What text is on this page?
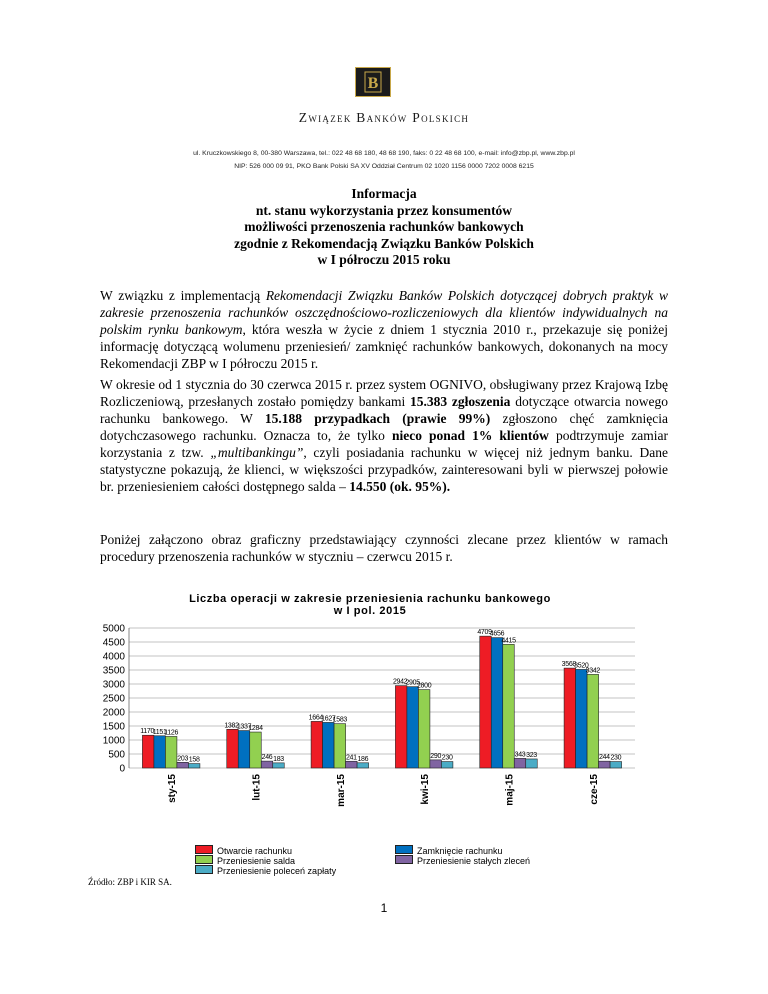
B
Związek Banków Polskich
ul. Kruczkowskiego 8, 00-380 Warszawa, tel.: 022 48 68 180, 48 68 190, faks: 0 22 48 68 100, e-mail: info@zbp.pl, www.zbp.pl
NIP: 526 000 09 91, PKO Bank Polski SA XV Oddział Centrum 02 1020 1156 0000 7202 0008 6215
Informacja
nt. stanu wykorzystania przez konsumentów
możliwości przenoszenia rachunków bankowych
zgodnie z Rekomendacją Związku Banków Polskich
w I półroczu 2015 roku
W związku z implementacją Rekomendacji Związku Banków Polskich dotyczącej dobrych praktyk w zakresie przenoszenia rachunków oszczędnościowo-rozliczeniowych dla klientów indywidualnych na polskim rynku bankowym, która weszła w życie z dniem 1 stycznia 2010 r., przekazuje się poniżej informację dotyczącą wolumenu przeniesień/ zamknięć rachunków bankowych, dokonanych na mocy Rekomendacji ZBP w I półroczu 2015 r.
W okresie od 1 stycznia do 30 czerwca 2015 r. przez system OGNIVO, obsługiwany przez Krajową Izbę Rozliczeniową, przesłanych zostało pomiędzy bankami 15.383 zgłoszenia dotyczące otwarcia nowego rachunku bankowego. W 15.188 przypadkach (prawie 99%) zgłoszono chęć zamknięcia dotychczasowego rachunku. Oznacza to, że tylko nieco ponad 1% klientów podtrzymuje zamiar korzystania z tzw. „multibankingu”, czyli posiadania rachunku w więcej niż jednym banku. Dane statystyczne pokazują, że klienci, w większości przypadków, zainteresowani byli w pierwszej połowie br. przeniesieniem całości dostępnego salda – 14.550 (ok. 95%).
Poniżej załączono obraz graficzny przedstawiający czynności zlecane przez klientów w ramach procedury przenoszenia rachunków w styczniu – czerwcu 2015 r.
Liczba operacji w zakresie przeniesienia rachunku bankowego
w I pol. 2015
0
500
1000
1500
2000
2500
3000
3500
4000
4500
5000
1170
1151
1126
203 158
sty-15
1382
1337
1284
246 183
lut-15
1664
1627
1583
241 186
mar-15
2942
2905
2800
290 230
kwi-15
4709
4656
4415
343 323
maj-15
3568
3520
3342
244 230
cze-15
Otwarcie rachunku	Zamknięcie rachunku
Przeniesienie salda	Przeniesienie stałych zleceń
Przeniesienie poleceń zapłaty
Źródło: ZBP i KIR SA.
1
